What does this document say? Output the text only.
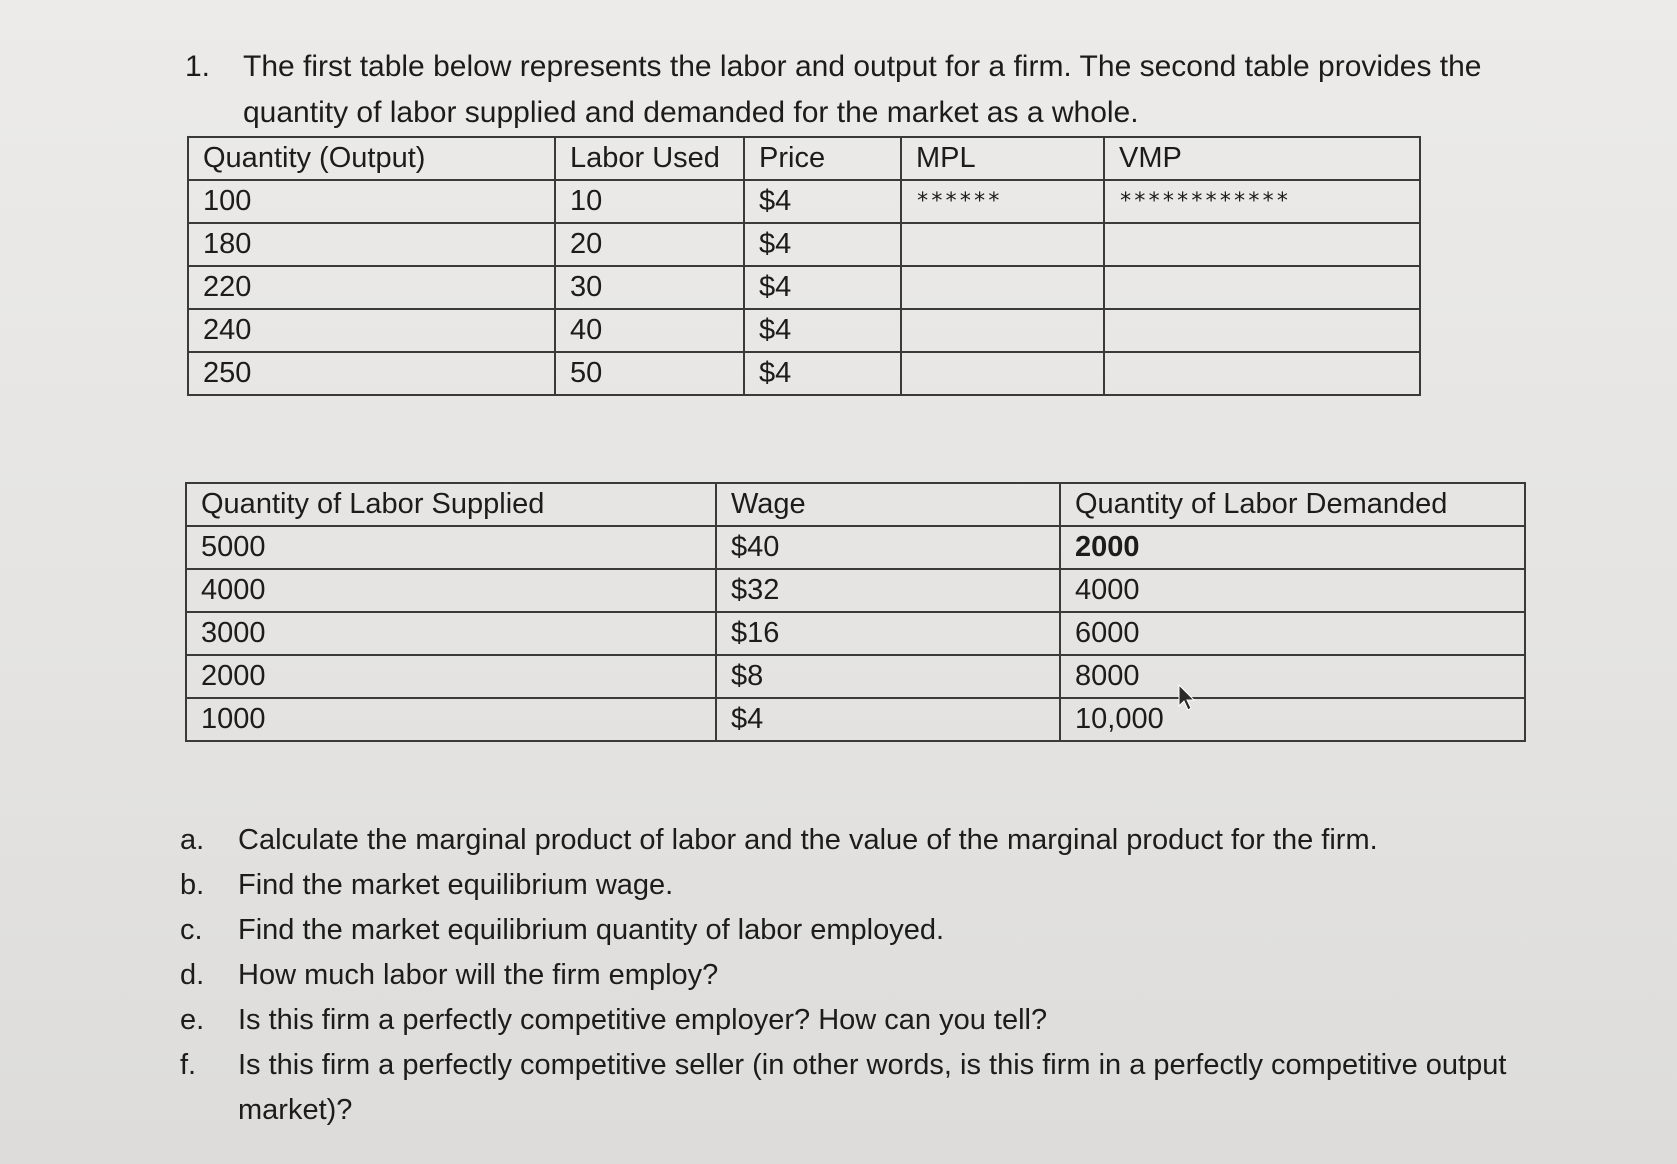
1. The first table below represents the labor and output for a firm. The second table provides the quantity of labor supplied and demanded for the market as a whole.
Quantity (Output)	Labor Used	Price	MPL	VMP
100	10	$4	******	************
180	20	$4		
220	30	$4		
240	40	$4		
250	50	$4		
Quantity of Labor Supplied	Wage	Quantity of Labor Demanded
5000	$40	2000
4000	$32	4000
3000	$16	6000
2000	$8	8000
1000	$4	10,000
a. Calculate the marginal product of labor and the value of the marginal product for the firm.
b. Find the market equilibrium wage.
c. Find the market equilibrium quantity of labor employed.
d. How much labor will the firm employ?
e. Is this firm a perfectly competitive employer? How can you tell?
f. Is this firm a perfectly competitive seller (in other words, is this firm in a perfectly competitive output market)?
